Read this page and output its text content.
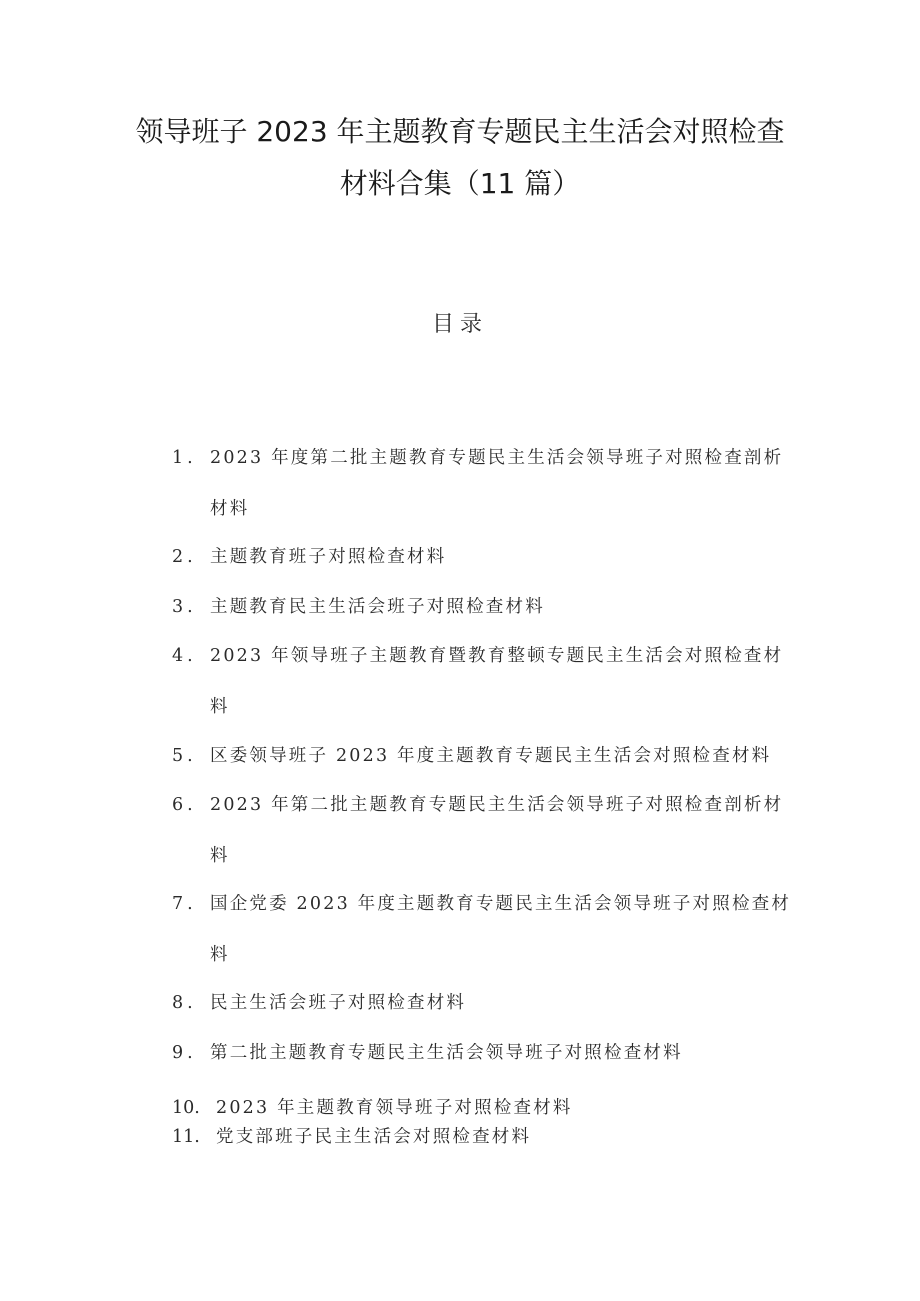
领导班子 2023 年主题教育专题民主生活会对照检查
材料合集（11 篇）
目录
1. 2023 年度第二批主题教育专题民主生活会领导班子对照检查剖析
材料
2. 主题教育班子对照检查材料
3. 主题教育民主生活会班子对照检查材料
4. 2023 年领导班子主题教育暨教育整顿专题民主生活会对照检查材
料
5. 区委领导班子 2023 年度主题教育专题民主生活会对照检查材料
6. 2023 年第二批主题教育专题民主生活会领导班子对照检查剖析材
料
7. 国企党委 2023 年度主题教育专题民主生活会领导班子对照检查材
料
8. 民主生活会班子对照检查材料
9. 第二批主题教育专题民主生活会领导班子对照检查材料
10. 2023 年主题教育领导班子对照检查材料
11. 党支部班子民主生活会对照检查材料
